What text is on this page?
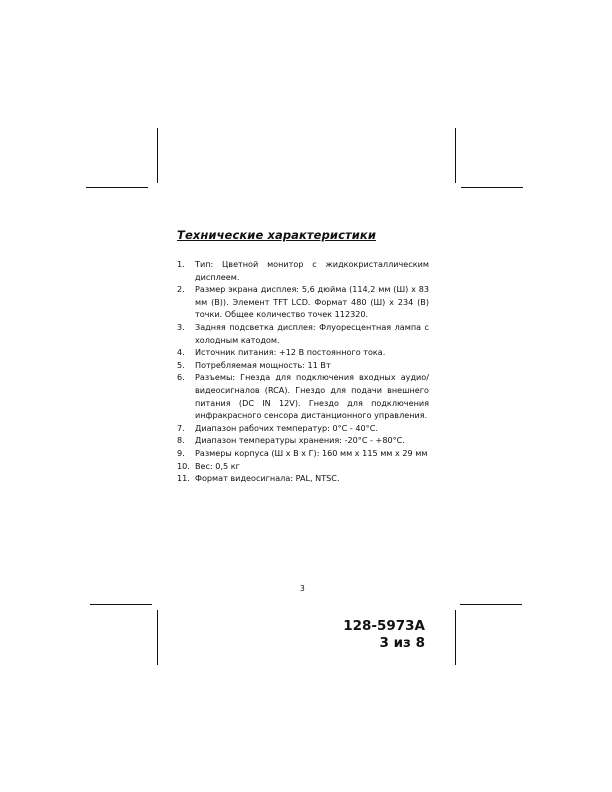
Технические характеристики
1. Тип: Цветной монитор с жидкокристаллическим дисплеем.
2. Размер экрана дисплея: 5,6 дюйма (114,2 мм (Ш) x 83 мм (В)). Элемент TFT LCD. Формат 480 (Ш) x 234 (В) точки. Общее количество точек 112320.
3. Задняя подсветка дисплея: Флуоресцентная лампа с холодным катодом.
4. Источник питания: +12 В постоянного тока.
5. Потребляемая мощность: 11 Вт
6. Разъемы: Гнезда для подключения входных аудио/видеосигналов (RCA). Гнездо для подачи внешнего питания (DC IN 12V). Гнездо для подключения инфракрасного сенсора дистанционного управления.
7. Диапазон рабочих температур: 0°C - 40°C.
8. Диапазон температуры хранения: -20°C - +80°C.
9. Размеры корпуса (Ш x В x Г): 160 мм x 115 мм x 29 мм
10. Вес: 0,5 кг
11. Формат видеосигнала: PAL, NTSC.
3
128-5973A
3 из 8
